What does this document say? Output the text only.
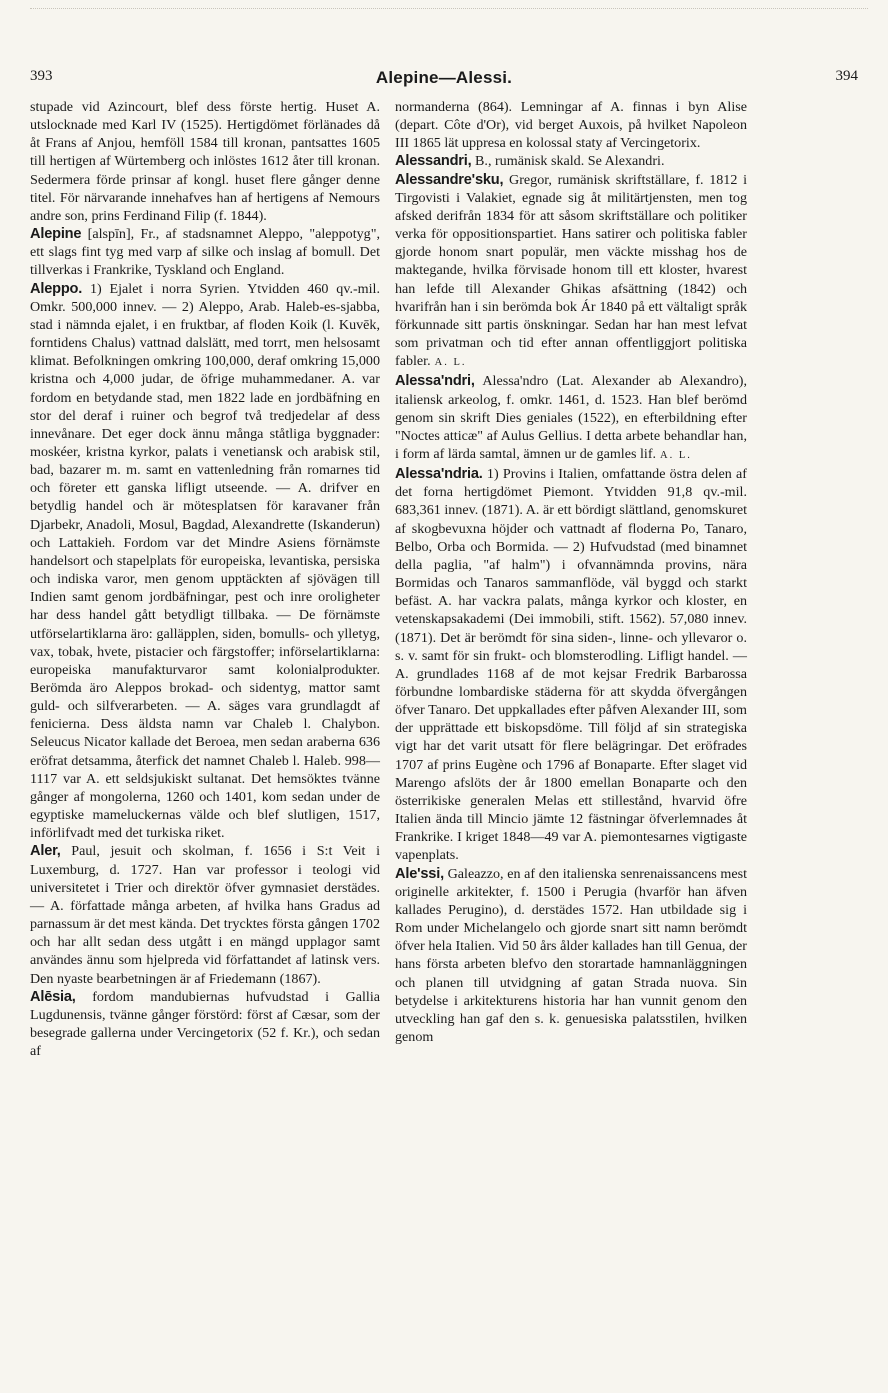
393	Alepine—Alessi.	394

stupade vid Azincourt, blef dess förste hertig. Huset A. utslocknade med Karl IV (1525). Hertigdömet förlänades då åt Frans af Anjou, hemföll 1584 till kronan, pantsattes 1605 till hertigen af Würtemberg och inlöstes 1612 åter till kronan. Sedermera förde prinsar af kongl. huset flere gånger denne titel. För närvarande innehafves han af hertigens af Nemours andre son, prins Ferdinand Filip (f. 1844).

Alepine [alspīn], Fr., af stadsnamnet Aleppo, "aleppotyg", ett slags fint tyg med varp af silke och inslag af bomull. Det tillverkas i Frankrike, Tyskland och England.

Aleppo. 1) Ejalet i norra Syrien. Ytvidden 460 qv.-mil. Omkr. 500,000 innev. — 2) Aleppo, Arab. Haleb-es-sjabba, stad i nämnda ejalet, i en fruktbar, af floden Koik (l. Kuvēk, forntidens Chalus) vattnad dalslätt, med torrt, men helsosamt klimat. Befolkningen omkring 100,000, deraf omkring 15,000 kristna och 4,000 judar, de öfrige muhammedaner. A. var fordom en betydande stad, men 1822 lade en jordbäfning en stor del deraf i ruiner och begrof två tredjedelar af dess innevånare. Det eger dock ännu många ståtliga byggnader: moskéer, kristna kyrkor, palats i venetiansk och arabisk stil, bad, bazarer m. m. samt en vattenledning från romarnes tid och företer ett ganska lifligt utseende. — A. drifver en betydlig handel och är mötesplatsen för karavaner från Djarbekr, Anadoli, Mosul, Bagdad, Alexandrette (Iskanderun) och Lattakieh. Fordom var det Mindre Asiens förnämste handelsort och stapelplats för europeiska, levantiska, persiska och indiska varor, men genom upptäckten af sjövägen till Indien samt genom jordbäfningar, pest och inre oroligheter har dess handel gått betydligt tillbaka. — De förnämste utförselartiklarna äro: galläpplen, siden, bomulls- och ylletyg, vax, tobak, hvete, pistacier och färgstoffer; införselartiklarna: europeiska manufakturvaror samt kolonialprodukter. Berömda äro Aleppos brokad- och sidentyg, mattor samt guld- och silfverarbeten. — A. säges vara grundlagdt af fenicierna. Dess äldsta namn var Chaleb l. Chalybon. Seleucus Nicator kallade det Beroea, men sedan araberna 636 eröfrat detsamma, återfick det namnet Chaleb l. Haleb. 998—1117 var A. ett seldsjukiskt sultanat. Det hemsöktes tvänne gånger af mongolerna, 1260 och 1401, kom sedan under de egyptiske mameluckernas välde och blef slutligen, 1517, införlifvadt med det turkiska riket.

Aler, Paul, jesuit och skolman, f. 1656 i S:t Veit i Luxemburg, d. 1727. Han var professor i teologi vid universitetet i Trier och direktör öfver gymnasiet derstädes. — A. författade många arbeten, af hvilka hans Gradus ad parnassum är det mest kända. Det trycktes första gången 1702 och har allt sedan dess utgått i en mängd upplagor samt användes ännu som hjelpreda vid författandet af latinsk vers. Den nyaste bearbetningen är af Friedemann (1867).

Alēsia, fordom mandubiernas hufvudstad i Gallia Lugdunensis, tvänne gånger förstörd: först af Cæsar, som der besegrade gallerna under Vercingetorix (52 f. Kr.), och sedan af

normanderna (864). Lemningar af A. finnas i byn Alise (depart. Côte d'Or), vid berget Auxois, på hvilket Napoleon III 1865 lät uppresa en kolossal staty af Vercingetorix.

Alessandri, B., rumänisk skald. Se Alexandri.

Alessandre'sku, Gregor, rumänisk skriftställare, f. 1812 i Tirgovisti i Valakiet, egnade sig åt militärtjensten, men tog afsked derifrån 1834 för att såsom skriftställare och politiker verka för oppositionspartiet. Hans satirer och politiska fabler gjorde honom snart populär, men väckte misshag hos de maktegande, hvilka förvisade honom till ett kloster, hvarest han lefde till Alexander Ghikas afsättning (1842) och hvarifrån han i sin berömda bok Ár 1840 på ett vältaligt språk förkunnade sitt partis önskningar. Sedan har han mest lefvat som privatman och tid efter annan offentliggjort politiska fabler. A. L.

Alessa'ndri, Alessa'ndro (Lat. Alexander ab Alexandro), italiensk arkeolog, f. omkr. 1461, d. 1523. Han blef berömd genom sin skrift Dies geniales (1522), en efterbildning efter "Noctes atticæ" af Aulus Gellius. I detta arbete behandlar han, i form af lärda samtal, ämnen ur de gamles lif. A. L.

Alessa'ndria. 1) Provins i Italien, omfattande östra delen af det forna hertigdömet Piemont. Ytvidden 91,8 qv.-mil. 683,361 innev. (1871). A. är ett bördigt slättland, genomskuret af skogbevuxna höjder och vattnadt af floderna Po, Tanaro, Belbo, Orba och Bormida. — 2) Hufvudstad (med binamnet della paglia, "af halm") i ofvannämnda provins, nära Bormidas och Tanaros sammanflöde, väl byggd och starkt befäst. A. har vackra palats, många kyrkor och kloster, en vetenskapsakademi (Dei immobili, stift. 1562). 57,080 innev. (1871). Det är berömdt för sina siden-, linne- och yllevaror o. s. v. samt för sin frukt- och blomsterodling. Lifligt handel. — A. grundlades 1168 af de mot kejsar Fredrik Barbarossa förbundne lombardiske städerna för att skydda öfvergången öfver Tanaro. Det uppkallades efter påfven Alexander III, som der upprättade ett biskopsdöme. Till följd af sin strategiska vigt har det varit utsatt för flere belägringar. Det eröfrades 1707 af prins Eugène och 1796 af Bonaparte. Efter slaget vid Marengo afslöts der år 1800 emellan Bonaparte och den österrikiske generalen Melas ett stillestånd, hvarvid öfre Italien ända till Mincio jämte 12 fästningar öfverlemnades åt Frankrike. I kriget 1848—49 var A. piemontesarnes vigtigaste vapenplats.

Ale'ssi, Galeazzo, en af den italienska senrenaissancens mest originelle arkitekter, f. 1500 i Perugia (hvarför han äfven kallades Perugino), d. derstädes 1572. Han utbildade sig i Rom under Michelangelo och gjorde snart sitt namn berömdt öfver hela Italien. Vid 50 års ålder kallades han till Genua, der hans första arbeten blefvo den storartade hamnanläggningen och planen till utvidgning af gatan Strada nuova. Sin betydelse i arkitekturens historia har han vunnit genom den utveckling han gaf den s. k. genuesiska palatsstilen, hvilken genom
